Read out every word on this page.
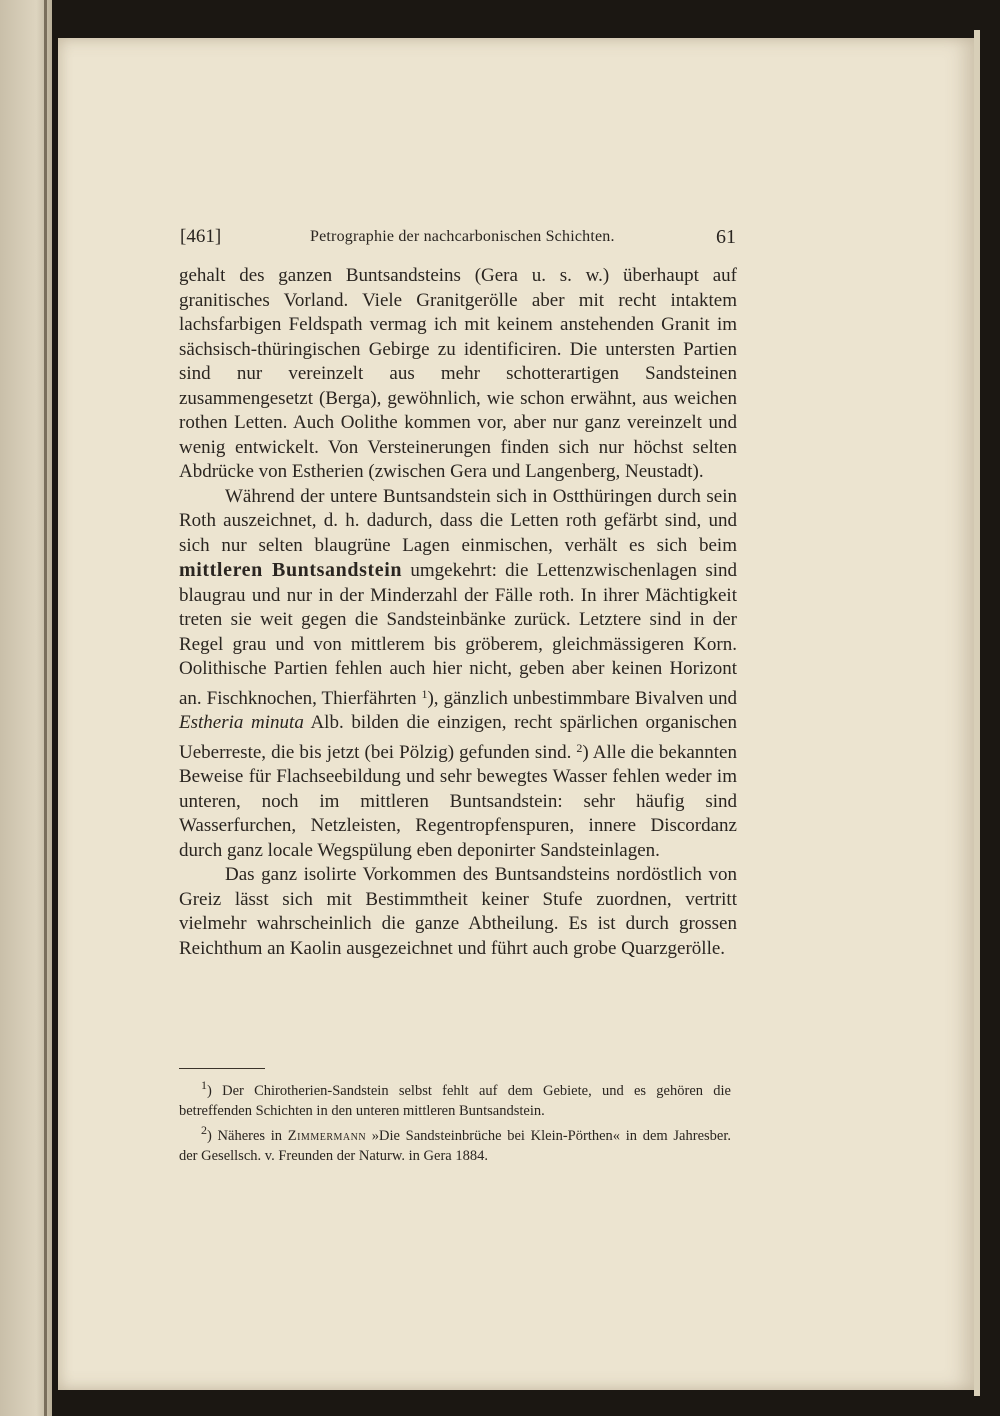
[461]	Petrographie der nachcarbonischen Schichten.	61

gehalt des ganzen Buntsandsteins (Gera u. s. w.) überhaupt auf granitisches Vorland. Viele Granitgerölle aber mit recht intaktem lachsfarbigen Feldspath vermag ich mit keinem anstehenden Granit im sächsisch-thüringischen Gebirge zu identificiren. Die untersten Partien sind nur vereinzelt aus mehr schotterartigen Sandsteinen zusammengesetzt (Berga), gewöhnlich, wie schon erwähnt, aus weichen rothen Letten. Auch Oolithe kommen vor, aber nur ganz vereinzelt und wenig entwickelt. Von Versteinerungen finden sich nur höchst selten Abdrücke von Estherien (zwischen Gera und Langenberg, Neustadt).

Während der untere Buntsandstein sich in Ostthüringen durch sein Roth auszeichnet, d. h. dadurch, dass die Letten roth gefärbt sind, und sich nur selten blaugrüne Lagen einmischen, verhält es sich beim mittleren Buntsandstein umgekehrt: die Lettenzwischenlagen sind blaugrau und nur in der Minderzahl der Fälle roth. In ihrer Mächtigkeit treten sie weit gegen die Sandsteinbänke zurück. Letztere sind in der Regel grau und von mittlerem bis gröberem, gleichmässigeren Korn. Oolithische Partien fehlen auch hier nicht, geben aber keinen Horizont an. Fischknochen, Thierfährten $^1$), gänzlich unbestimmbare Bivalven und Estheria minuta Alb. bilden die einzigen, recht spärlichen organischen Ueberreste, die bis jetzt (bei Pölzig) gefunden sind. $^2$) Alle die bekannten Beweise für Flachseebildung und sehr bewegtes Wasser fehlen weder im unteren, noch im mittleren Buntsandstein: sehr häufig sind Wasserfurchen, Netzleisten, Regentropfenspuren, innere Discordanz durch ganz locale Wegspülung eben deponirter Sandsteinlagen.

Das ganz isolirte Vorkommen des Buntsandsteins nordöstlich von Greiz lässt sich mit Bestimmtheit keiner Stufe zuordnen, vertritt vielmehr wahrscheinlich die ganze Abtheilung. Es ist durch grossen Reichthum an Kaolin ausgezeichnet und führt auch grobe Quarzgerölle.

$^1$) Der Chirotherien-Sandstein selbst fehlt auf dem Gebiete, und es gehören die betreffenden Schichten in den unteren mittleren Buntsandstein.

$^2$) Näheres in Zimmermann »Die Sandsteinbrüche bei Klein-Pörthen« in dem Jahresber. der Gesellsch. v. Freunden der Naturw. in Gera 1884.
